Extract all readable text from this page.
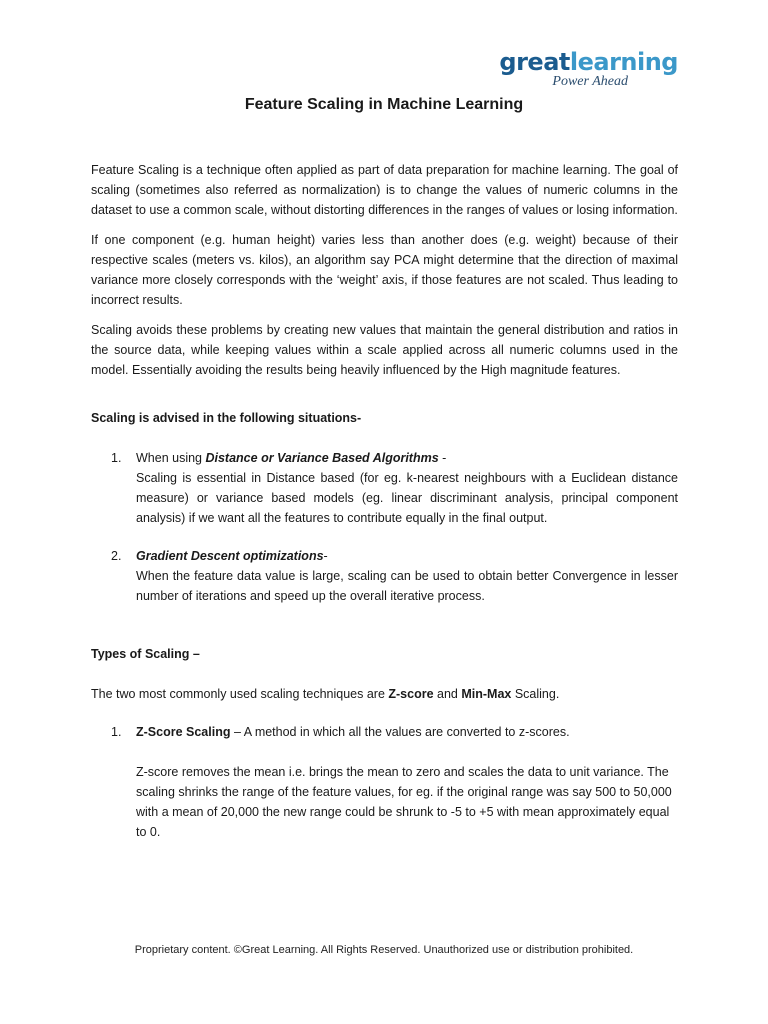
greatlearning
Power Ahead
Feature Scaling in Machine Learning

Feature Scaling is a technique often applied as part of data preparation for machine learning. The goal of scaling (sometimes also referred as normalization) is to change the values of numeric columns in the dataset to use a common scale, without distorting differences in the ranges of values or losing information.

If one component (e.g. human height) varies less than another does (e.g. weight) because of their respective scales (meters vs. kilos), an algorithm say PCA might determine that the direction of maximal variance more closely corresponds with the ‘weight’ axis, if those features are not scaled. Thus leading to incorrect results.

Scaling avoids these problems by creating new values that maintain the general distribution and ratios in the source data, while keeping values within a scale applied across all numeric columns used in the model. Essentially avoiding the results being heavily influenced by the High magnitude features.

Scaling is advised in the following situations-

1. When using Distance or Variance Based Algorithms -
Scaling is essential in Distance based (for eg. k-nearest neighbours with a Euclidean distance measure) or variance based models (eg. linear discriminant analysis, principal component analysis) if we want all the features to contribute equally in the final output.
2. Gradient Descent optimizations-
When the feature data value is large, scaling can be used to obtain better Convergence in lesser number of iterations and speed up the overall iterative process.

Types of Scaling –

The two most commonly used scaling techniques are Z-score and Min-Max Scaling.

1. Z-Score Scaling – A method in which all the values are converted to z-scores.
Z-score removes the mean i.e. brings the mean to zero and scales the data to unit variance. The scaling shrinks the range of the feature values, for eg. if the original range was say 500 to 50,000 with a mean of 20,000 the new range could be shrunk to -5 to +5 with mean approximately equal to 0.
Proprietary content. ©Great Learning. All Rights Reserved. Unauthorized use or distribution prohibited.
